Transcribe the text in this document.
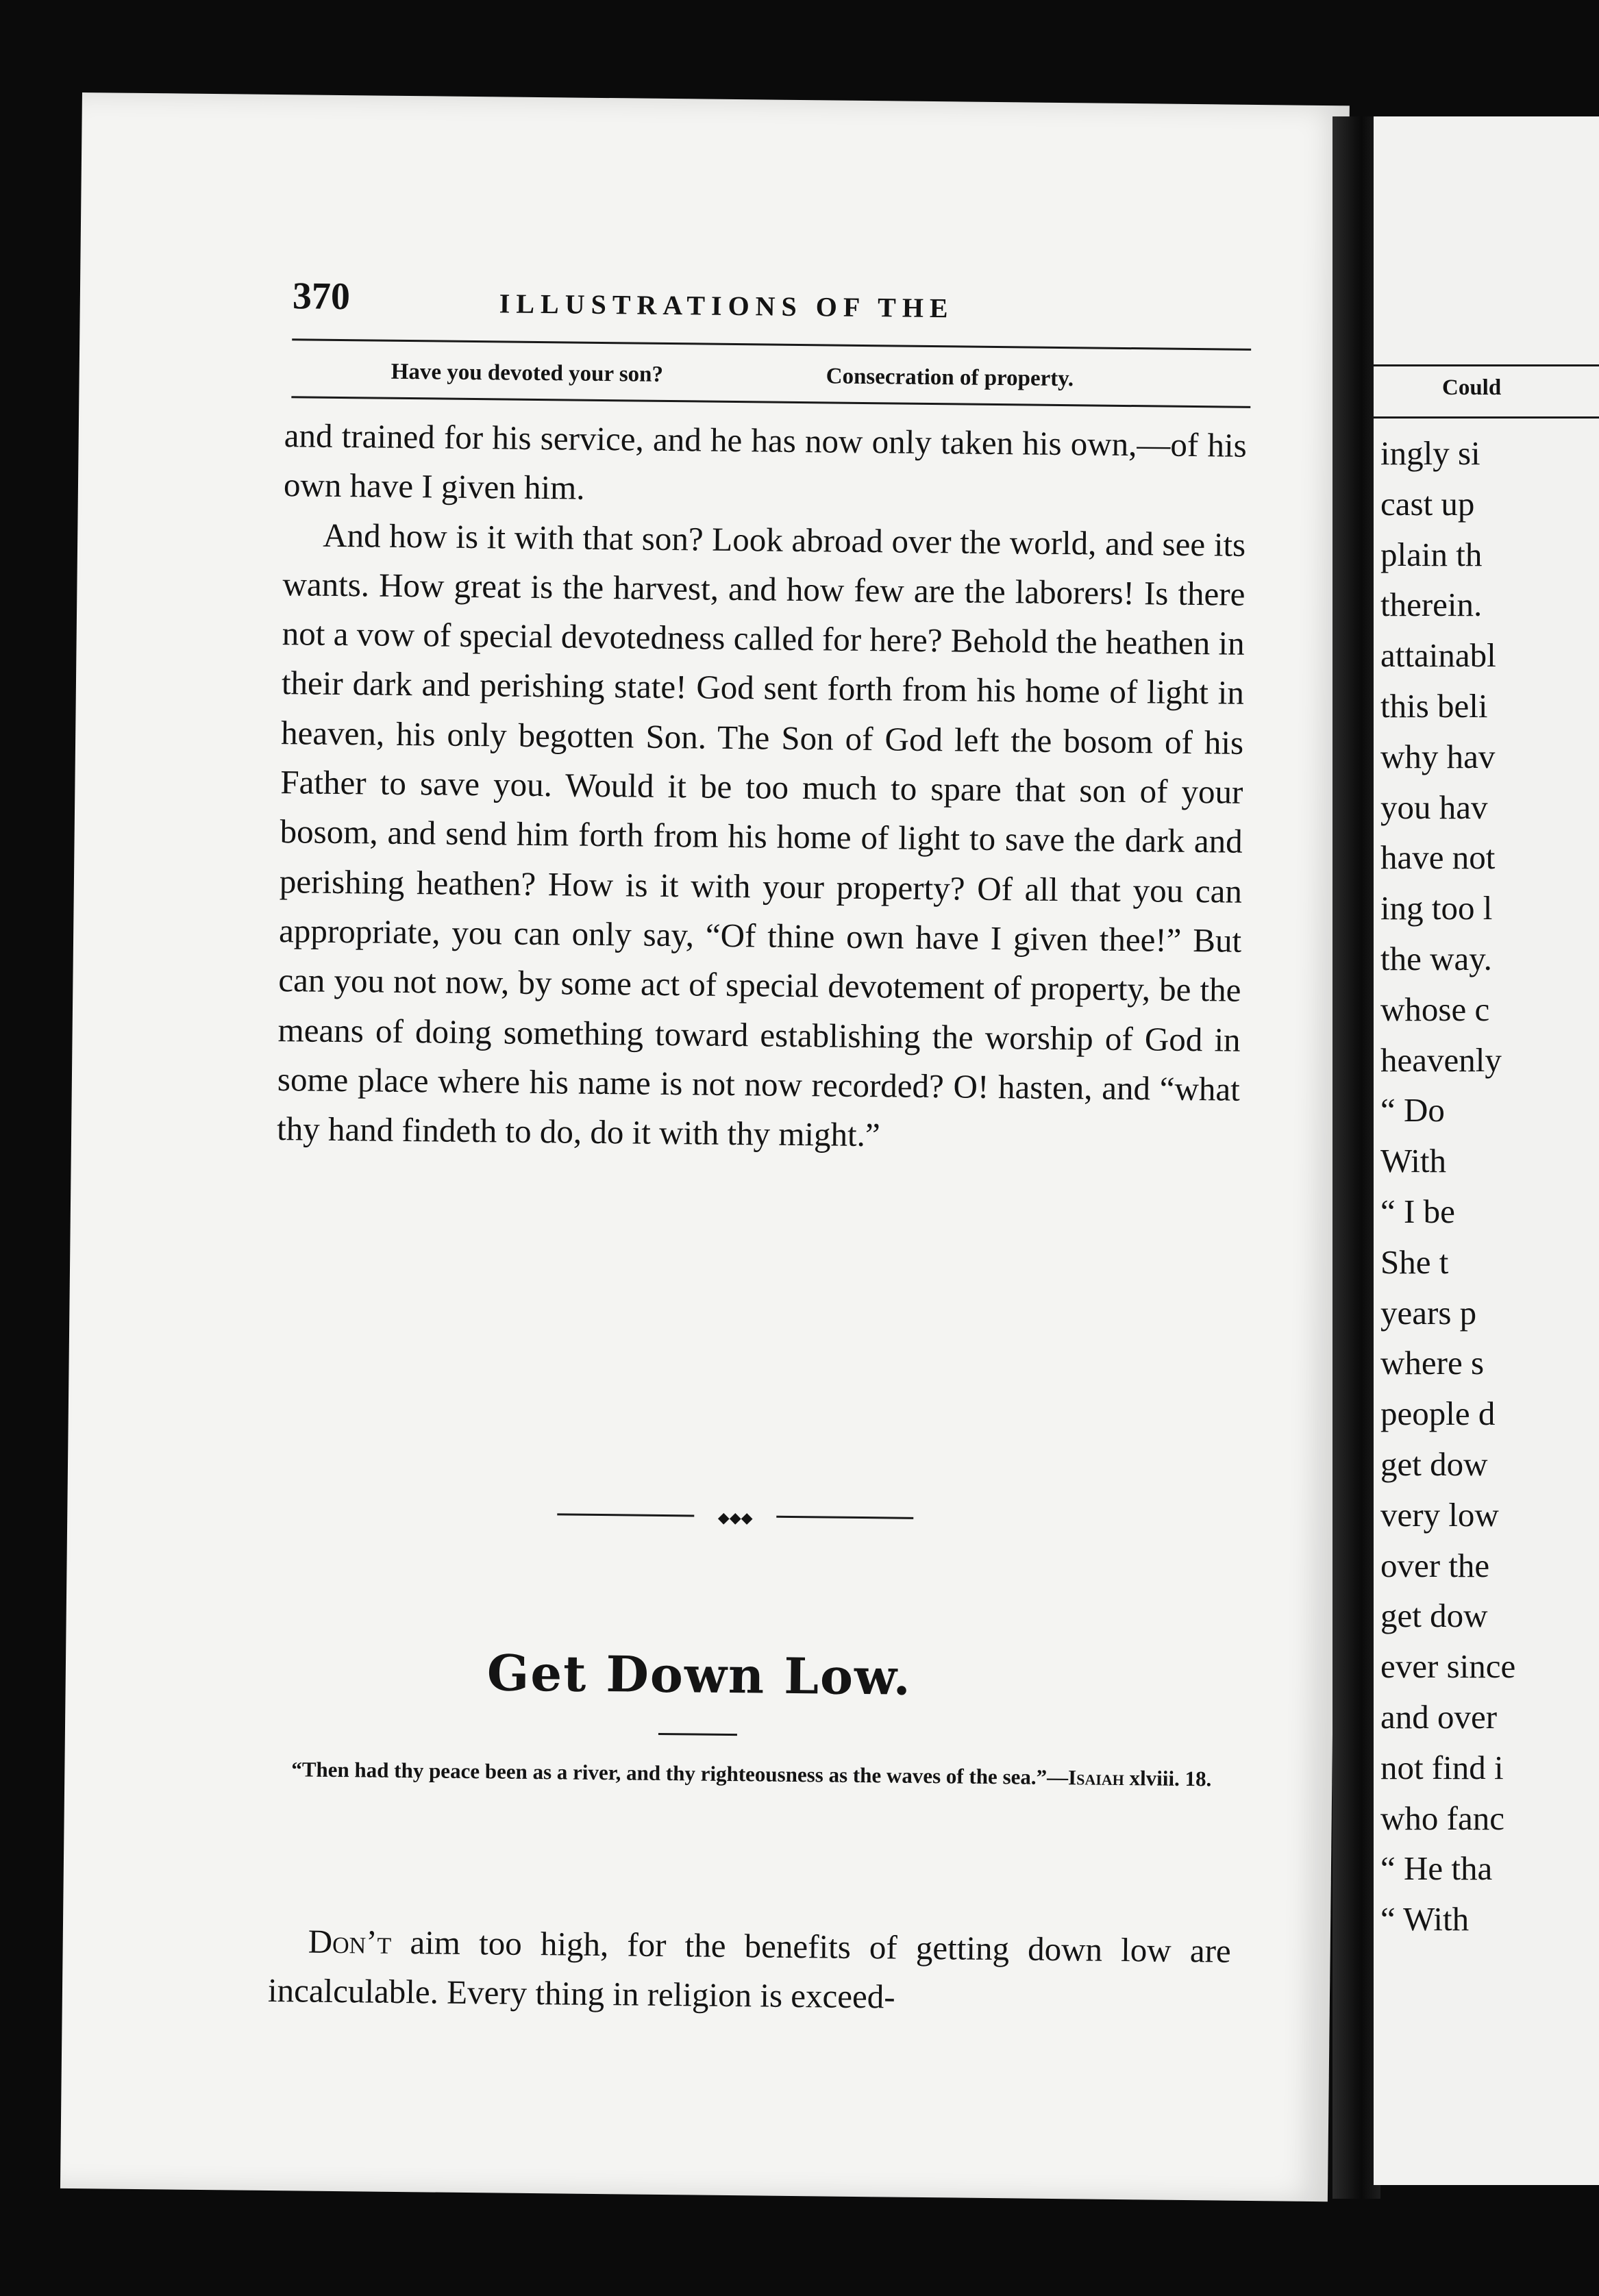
370	ILLUSTRATIONS OF THE
Have you devoted your son?	Consecration of property.

and trained for his service, and he has now only taken his own,—of his own have I given him.

And how is it with that son? Look abroad over the world, and see its wants. How great is the harvest, and how few are the laborers! Is there not a vow of special devotedness called for here? Behold the heathen in their dark and perishing state! God sent forth from his home of light in heaven, his only begotten Son. The Son of God left the bosom of his Father to save you. Would it be too much to spare that son of your bosom, and send him forth from his home of light to save the dark and perishing heathen? How is it with your property? Of all that you can appropriate, you can only say, “Of thine own have I given thee!” But can you not now, by some act of special devotement of property, be the means of doing something toward establishing the worship of God in some place where his name is not now recorded? O! hasten, and “what thy hand findeth to do, do it with thy might.”

◆◆◆
Get Down Low.
“Then had thy peace been as a river, and thy righteousness as the waves of the sea.”—Isaiah xlviii. 18.
Don’t aim too high, for the benefits of getting down low are incalculable. Every thing in religion is exceed-
Could
ingly si
cast up
plain th
therein.
attainabl
this beli
why hav
you hav
have not
ing too l
the way.
whose c
heavenly
“ Do
With
“ I be
She t
years p
where s
people d
get dow
very low
over the
get dow
ever since
and over
not find i
who fanc
“ He tha
“ With
